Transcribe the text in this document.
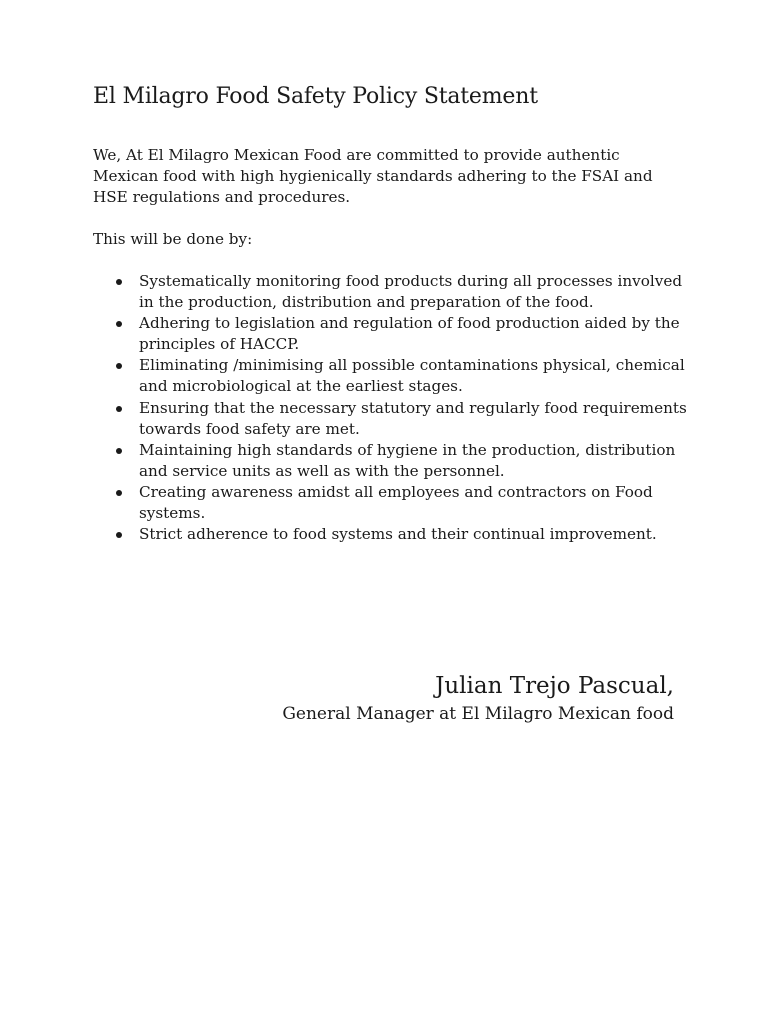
El Milagro Food Safety Policy Statement

We, At El Milagro Mexican Food are committed to provide authentic Mexican food with high hygienically standards adhering to the FSAI and HSE regulations and procedures.

This will be done by:

Systematically monitoring food products during all processes involved in the production, distribution and preparation of the food.
Adhering to legislation and regulation of food production aided by the principles of HACCP.
Eliminating /minimising all possible contaminations physical, chemical and microbiological at the earliest stages.
Ensuring that the necessary statutory and regularly food requirements towards food safety are met.
Maintaining high standards of hygiene in the production, distribution and service units as well as with the personnel.
Creating awareness amidst all employees and contractors on Food systems.
Strict adherence to food systems and their continual improvement.

Julian Trejo Pascual,

General Manager at El Milagro Mexican food
